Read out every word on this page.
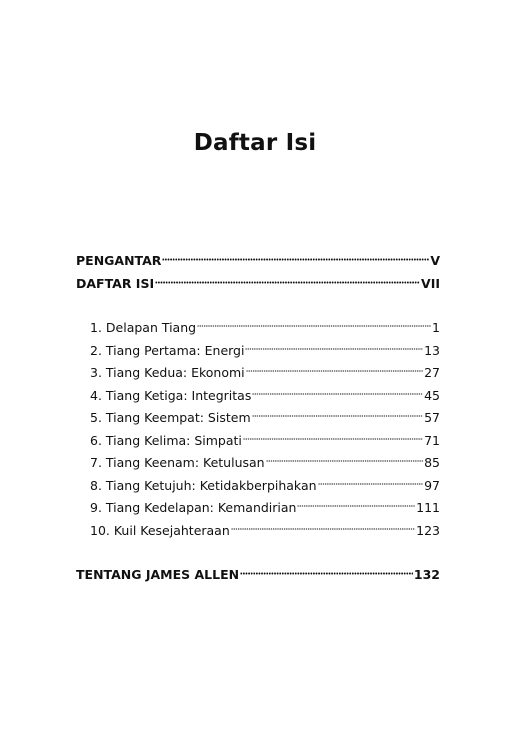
Daftar Isi
PENGANTAR	V
DAFTAR ISI	VII
1. Delapan Tiang	1
2. Tiang Pertama: Energi	13
3. Tiang Kedua: Ekonomi	27
4. Tiang Ketiga: Integritas	45
5. Tiang Keempat: Sistem	57
6. Tiang Kelima: Simpati	71
7. Tiang Keenam: Ketulusan	85
8. Tiang Ketujuh: Ketidakberpihakan	97
9. Tiang Kedelapan: Kemandirian	111
10. Kuil Kesejahteraan	123
TENTANG JAMES ALLEN	132
